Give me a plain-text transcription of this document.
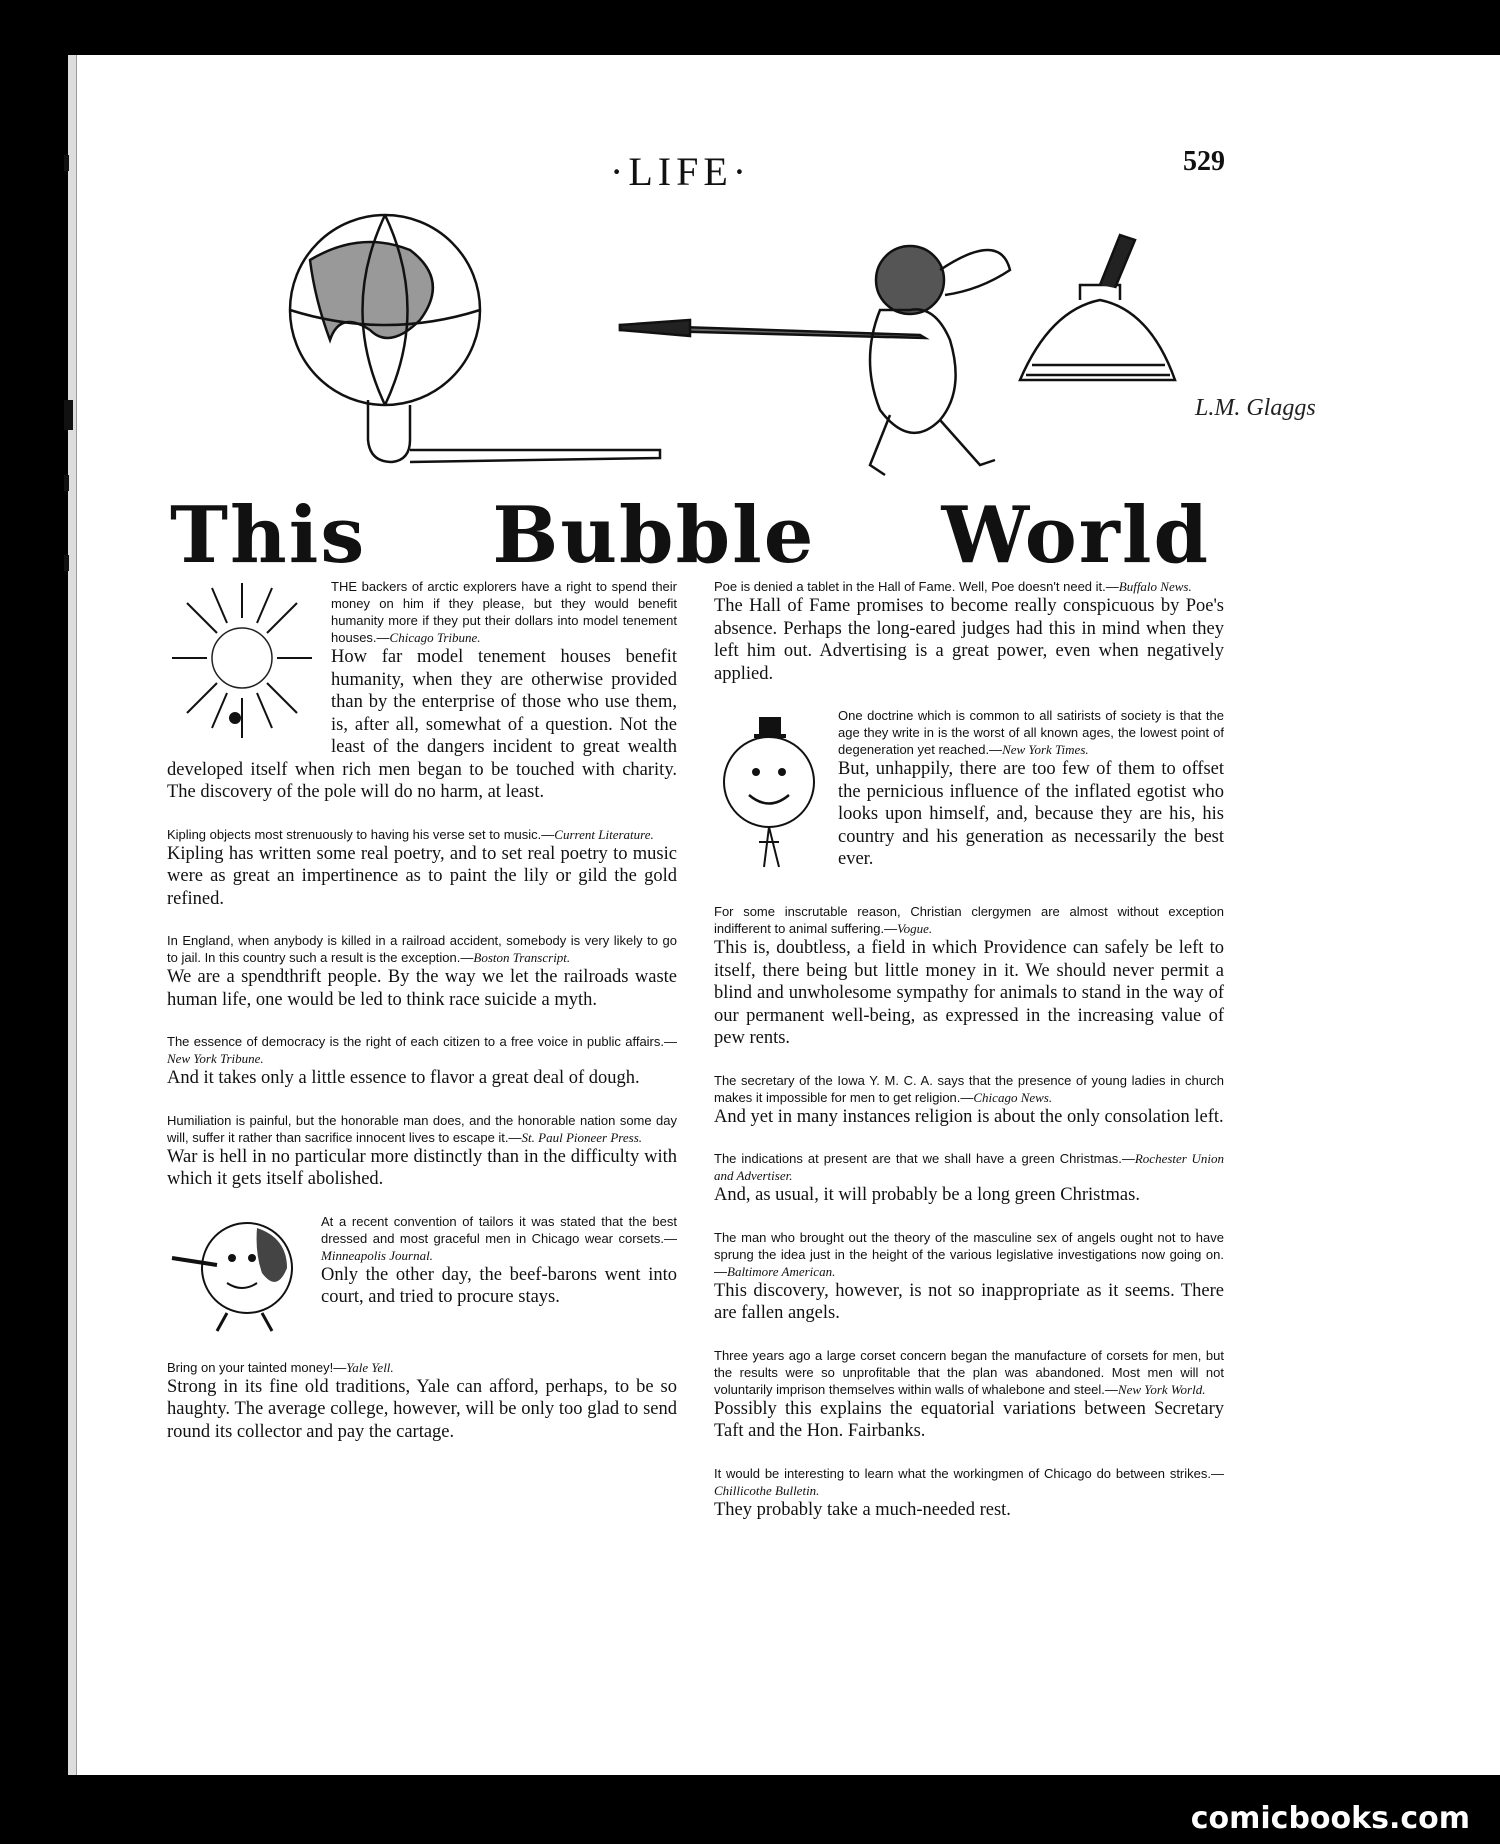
·LIFE·	529
L.M. Glaggs
This Bubble World
THE backers of arctic explorers have a right to spend their money on him if they please, but they would benefit humanity more if they put their dollars into model tenement houses.—Chicago Tribune.
How far model tenement houses benefit humanity, when they are otherwise provided than by the enterprise of those who use them, is, after all, somewhat of a question. Not the least of the dangers incident to great wealth developed itself when rich men began to be touched with charity. The discovery of the pole will do no harm, at least.
Kipling objects most strenuously to having his verse set to music.—Current Literature.
Kipling has written some real poetry, and to set real poetry to music were as great an impertinence as to paint the lily or gild the gold refined.
In England, when anybody is killed in a railroad accident, somebody is very likely to go to jail. In this country such a result is the exception.—Boston Transcript.
We are a spendthrift people. By the way we let the railroads waste human life, one would be led to think race suicide a myth.
The essence of democracy is the right of each citizen to a free voice in public affairs.—New York Tribune.
And it takes only a little essence to flavor a great deal of dough.
Humiliation is painful, but the honorable man does, and the honorable nation some day will, suffer it rather than sacrifice innocent lives to escape it.—St. Paul Pioneer Press.
War is hell in no particular more distinctly than in the difficulty with which it gets itself abolished.
At a recent convention of tailors it was stated that the best dressed and most graceful men in Chicago wear corsets.—Minneapolis Journal.
Only the other day, the beef-barons went into court, and tried to procure stays.
Bring on your tainted money!—Yale Yell.
Strong in its fine old traditions, Yale can afford, perhaps, to be so haughty. The average college, however, will be only too glad to send round its collector and pay the cartage.
Poe is denied a tablet in the Hall of Fame. Well, Poe doesn't need it.—Buffalo News.
The Hall of Fame promises to become really conspicuous by Poe's absence. Perhaps the long-eared judges had this in mind when they left him out. Advertising is a great power, even when negatively applied.
One doctrine which is common to all satirists of society is that the age they write in is the worst of all known ages, the lowest point of degeneration yet reached.—New York Times.
But, unhappily, there are too few of them to offset the pernicious influence of the inflated egotist who looks upon himself, and, because they are his, his country and his generation as necessarily the best ever.
For some inscrutable reason, Christian clergymen are almost without exception indifferent to animal suffering.—Vogue.
This is, doubtless, a field in which Providence can safely be left to itself, there being but little money in it. We should never permit a blind and unwholesome sympathy for animals to stand in the way of our permanent well-being, as expressed in the increasing value of pew rents.
The secretary of the Iowa Y. M. C. A. says that the presence of young ladies in church makes it impossible for men to get religion.—Chicago News.
And yet in many instances religion is about the only consolation left.
The indications at present are that we shall have a green Christmas.—Rochester Union and Advertiser.
And, as usual, it will probably be a long green Christmas.
The man who brought out the theory of the masculine sex of angels ought not to have sprung the idea just in the height of the various legislative investigations now going on.—Baltimore American.
This discovery, however, is not so inappropriate as it seems. There are fallen angels.
Three years ago a large corset concern began the manufacture of corsets for men, but the results were so unprofitable that the plan was abandoned. Most men will not voluntarily imprison themselves within walls of whalebone and steel.—New York World.
Possibly this explains the equatorial variations between Secretary Taft and the Hon. Fairbanks.
It would be interesting to learn what the workingmen of Chicago do between strikes.—Chillicothe Bulletin.
They probably take a much-needed rest.
comicbooks.com
